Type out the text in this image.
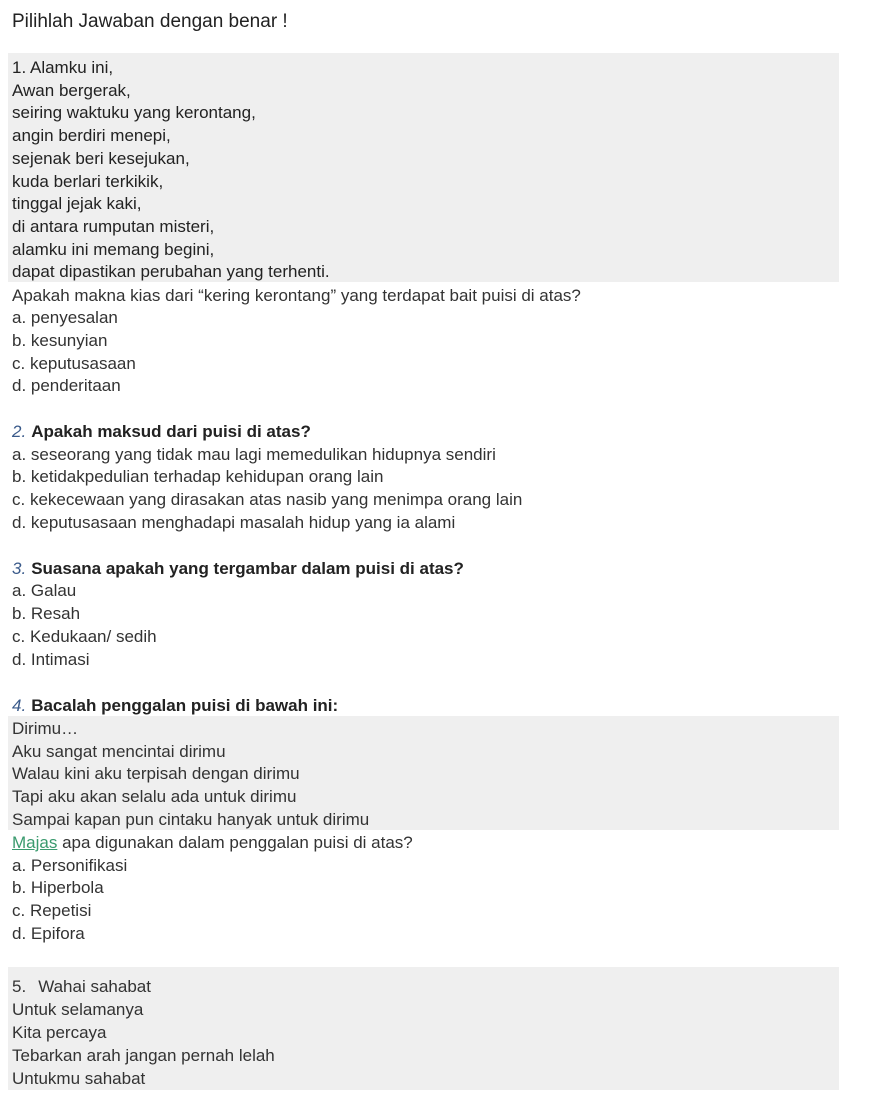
Pilihlah Jawaban dengan benar !
1. Alamku ini,
Awan bergerak,
seiring waktuku yang kerontang,
angin berdiri menepi,
sejenak beri kesejukan,
kuda berlari terkikik,
tinggal jejak kaki,
di antara rumputan misteri,
alamku ini memang begini,
dapat dipastikan perubahan yang terhenti.
Apakah makna kias dari “kering kerontang” yang terdapat bait puisi di atas?
a. penyesalan
b. kesunyian
c. keputusasaan
d. penderitaan
2. Apakah maksud dari puisi di atas?
a. seseorang yang tidak mau lagi memedulikan hidupnya sendiri
b. ketidakpedulian terhadap kehidupan orang lain
c. kekecewaan yang dirasakan atas nasib yang menimpa orang lain
d. keputusasaan menghadapi masalah hidup yang ia alami
3. Suasana apakah yang tergambar dalam puisi di atas?
a. Galau
b. Resah
c. Kedukaan/ sedih
d. Intimasi
4. Bacalah penggalan puisi di bawah ini:
Dirimu…
Aku sangat mencintai dirimu
Walau kini aku terpisah dengan dirimu
Tapi aku akan selalu ada untuk dirimu
Sampai kapan pun cintaku hanyak untuk dirimu
Majas apa digunakan dalam penggalan puisi di atas?
a. Personifikasi
b. Hiperbola
c. Repetisi
d. Epifora
5. Wahai sahabat
Untuk selamanya
Kita percaya
Tebarkan arah jangan pernah lelah
Untukmu sahabat
